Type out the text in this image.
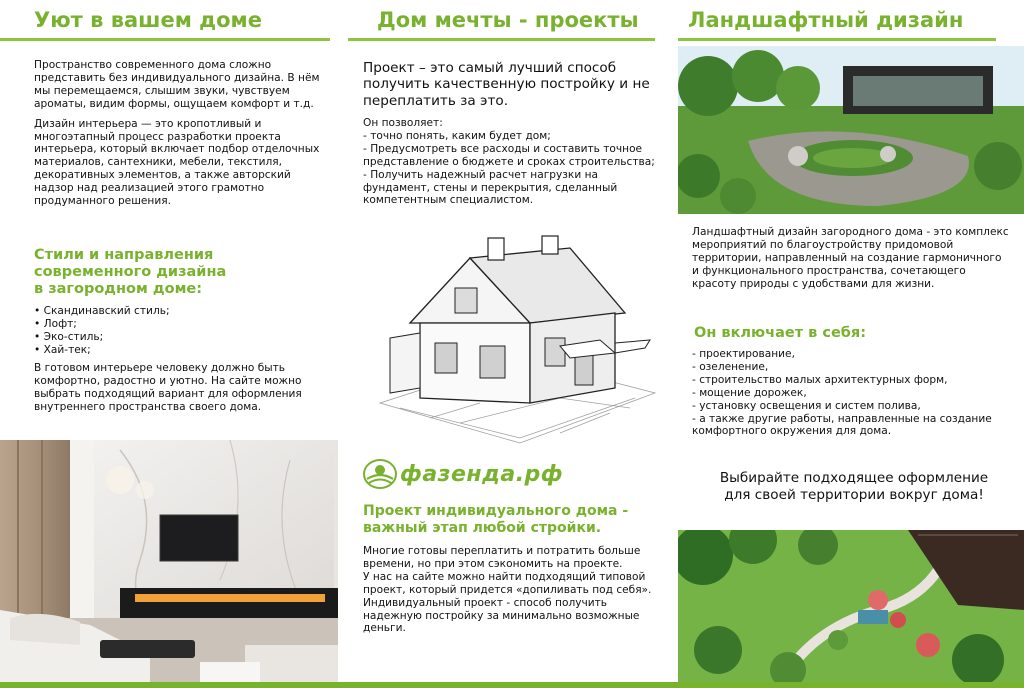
Уют в вашем доме

Пространство современного дома сложно представить без индивидуального дизайна. В нём мы перемещаемся, слышим звуки, чувствуем ароматы, видим формы, ощущаем комфорт и т.д.

Дизайн интерьера — это кропотливый и многоэтапный процесс разработки проекта интерьера, который включает подбор отделочных материалов, сантехники, мебели, текстиля, декоративных элементов, а также авторский надзор над реализацией этого грамотно продуманного решения.

Стили и направления
современного дизайна
в загородном доме:
• Скандинавский стиль;
• Лофт;
• Эко-стиль;
• Хай-тек;
В готовом интерьере человеку должно быть комфортно, радостно и уютно. На сайте можно выбрать подходящий вариант для оформления внутреннего пространства своего дома.
Дом мечты - проекты
Проект – это самый лучший способ получить качественную постройку и не переплатить за это.
Он позволяет:
- точно понять, каким будет дом;
- Предусмотреть все расходы и составить точное представление о бюджете и сроках строительства;
- Получить надежный расчет нагрузки на фундамент, стены и перекрытия, сделанный компетентным специалистом.
фазенда.рф
Проект индивидуального дома - важный этап любой стройки.
Многие готовы переплатить и потратить больше времени, но при этом сэкономить на проекте.
У нас на сайте можно найти подходящий типовой проект, который придется «допиливать под себя».
Индивидуальный проект - способ получить надежную постройку за минимально возможные деньги.
Ландшафтный дизайн
Ландшафтный дизайн загородного дома - это комплекс мероприятий по благоустройству придомовой территории, направленный на создание гармоничного и функционального пространства, сочетающего красоту природы с удобствами для жизни.
Он включает в себя:
- проектирование,
- озеленение,
- строительство малых архитектурных форм,
- мощение дорожек,
- установку освещения и систем полива,
- а также другие работы, направленные на создание комфортного окружения для дома.
Выбирайте подходящее оформление для своей территории вокруг дома!
